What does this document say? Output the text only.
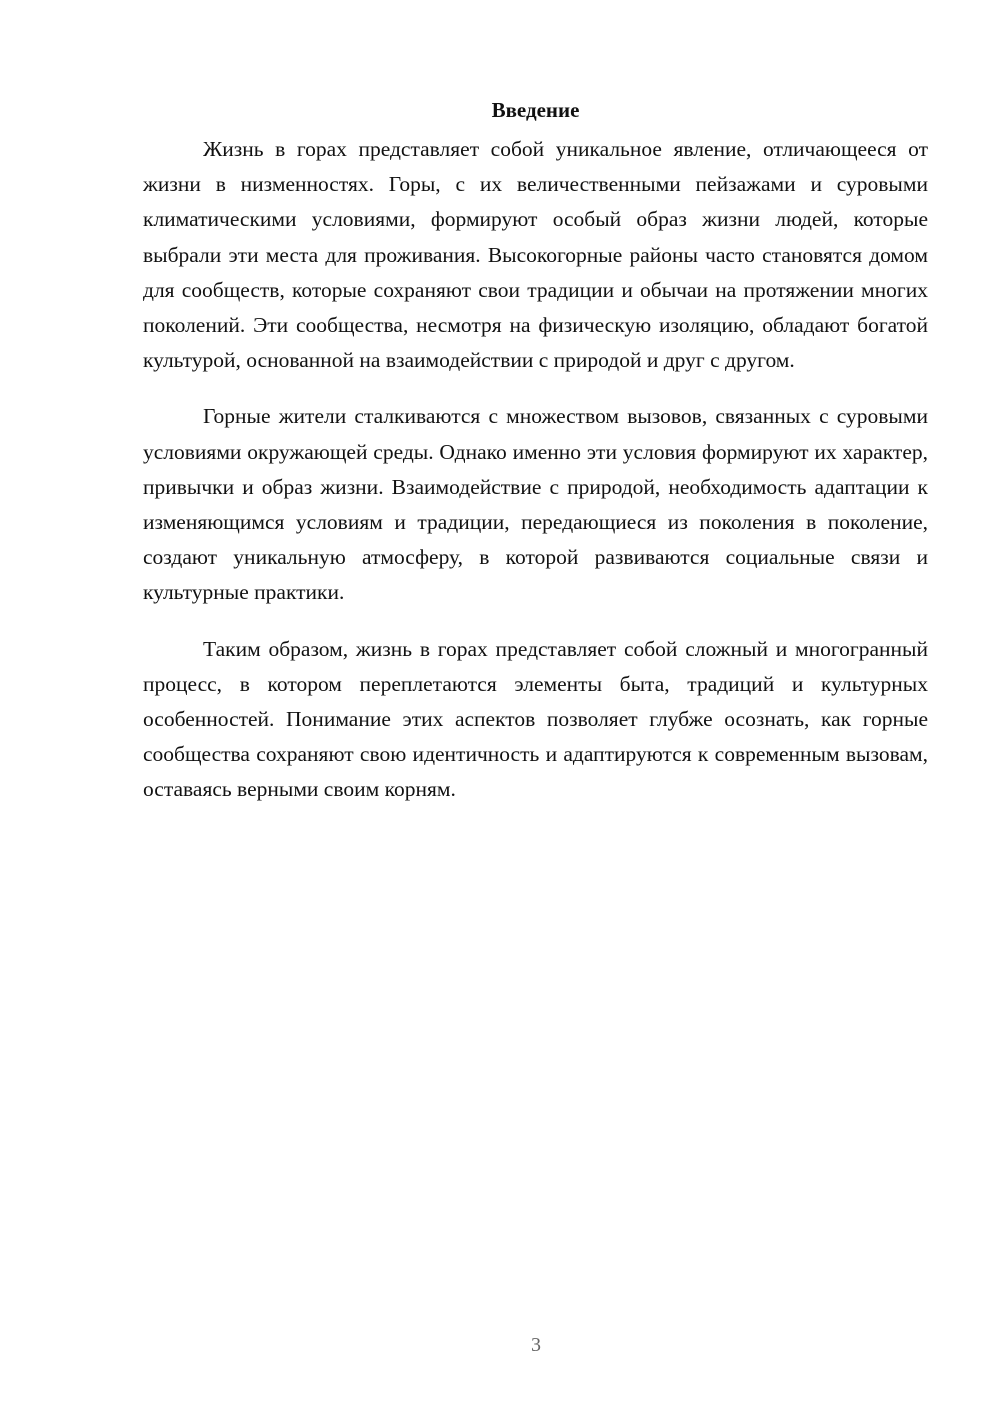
Введение

Жизнь в горах представляет собой уникальное явление, отличающееся от жизни в низменностях. Горы, с их величественными пейзажами и суровыми климатическими условиями, формируют особый образ жизни людей, которые выбрали эти места для проживания. Высокогорные районы часто становятся домом для сообществ, которые сохраняют свои традиции и обычаи на протяжении многих поколений. Эти сообщества, несмотря на физическую изоляцию, обладают богатой культурой, основанной на взаимодействии с природой и друг с другом.

Горные жители сталкиваются с множеством вызовов, связанных с суровыми условиями окружающей среды. Однако именно эти условия формируют их характер, привычки и образ жизни. Взаимодействие с природой, необходимость адаптации к изменяющимся условиям и традиции, передающиеся из поколения в поколение, создают уникальную атмосферу, в которой развиваются социальные связи и культурные практики.

Таким образом, жизнь в горах представляет собой сложный и многогранный процесс, в котором переплетаются элементы быта, традиций и культурных особенностей. Понимание этих аспектов позволяет глубже осознать, как горные сообщества сохраняют свою идентичность и адаптируются к современным вызовам, оставаясь верными своим корням.

3
